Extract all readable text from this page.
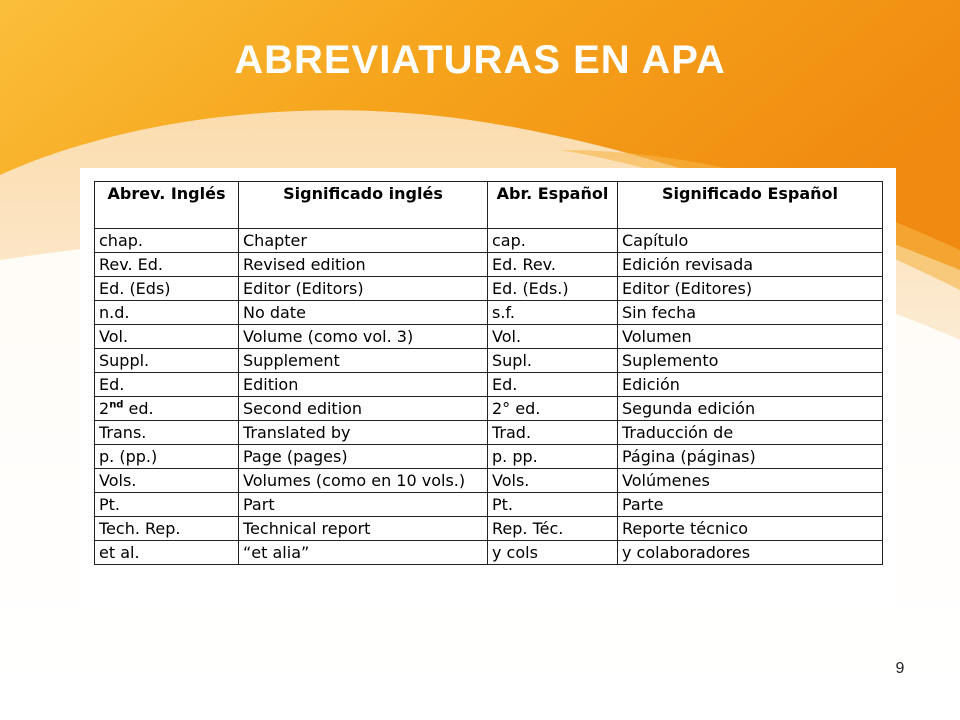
ABREVIATURAS EN APA
Abrev. Inglés	Significado inglés	Abr. Español	Significado Español
chap.	Chapter	cap.	Capítulo
Rev. Ed.	Revised edition	Ed. Rev.	Edición revisada
Ed. (Eds)	Editor (Editors)	Ed. (Eds.)	Editor (Editores)
n.d.	No date	s.f.	Sin fecha
Vol.	Volume (como vol. 3)	Vol.	Volumen
Suppl.	Supplement	Supl.	Suplemento
Ed.	Edition	Ed.	Edición
2nd ed.	Second edition	2° ed.	Segunda edición
Trans.	Translated by	Trad.	Traducción de
p. (pp.)	Page (pages)	p. pp.	Página (páginas)
Vols.	Volumes (como en 10 vols.)	Vols.	Volúmenes
Pt.	Part	Pt.	Parte
Tech. Rep.	Technical report	Rep. Téc.	Reporte técnico
et al.	“et alia”	y cols	y colaboradores
9
